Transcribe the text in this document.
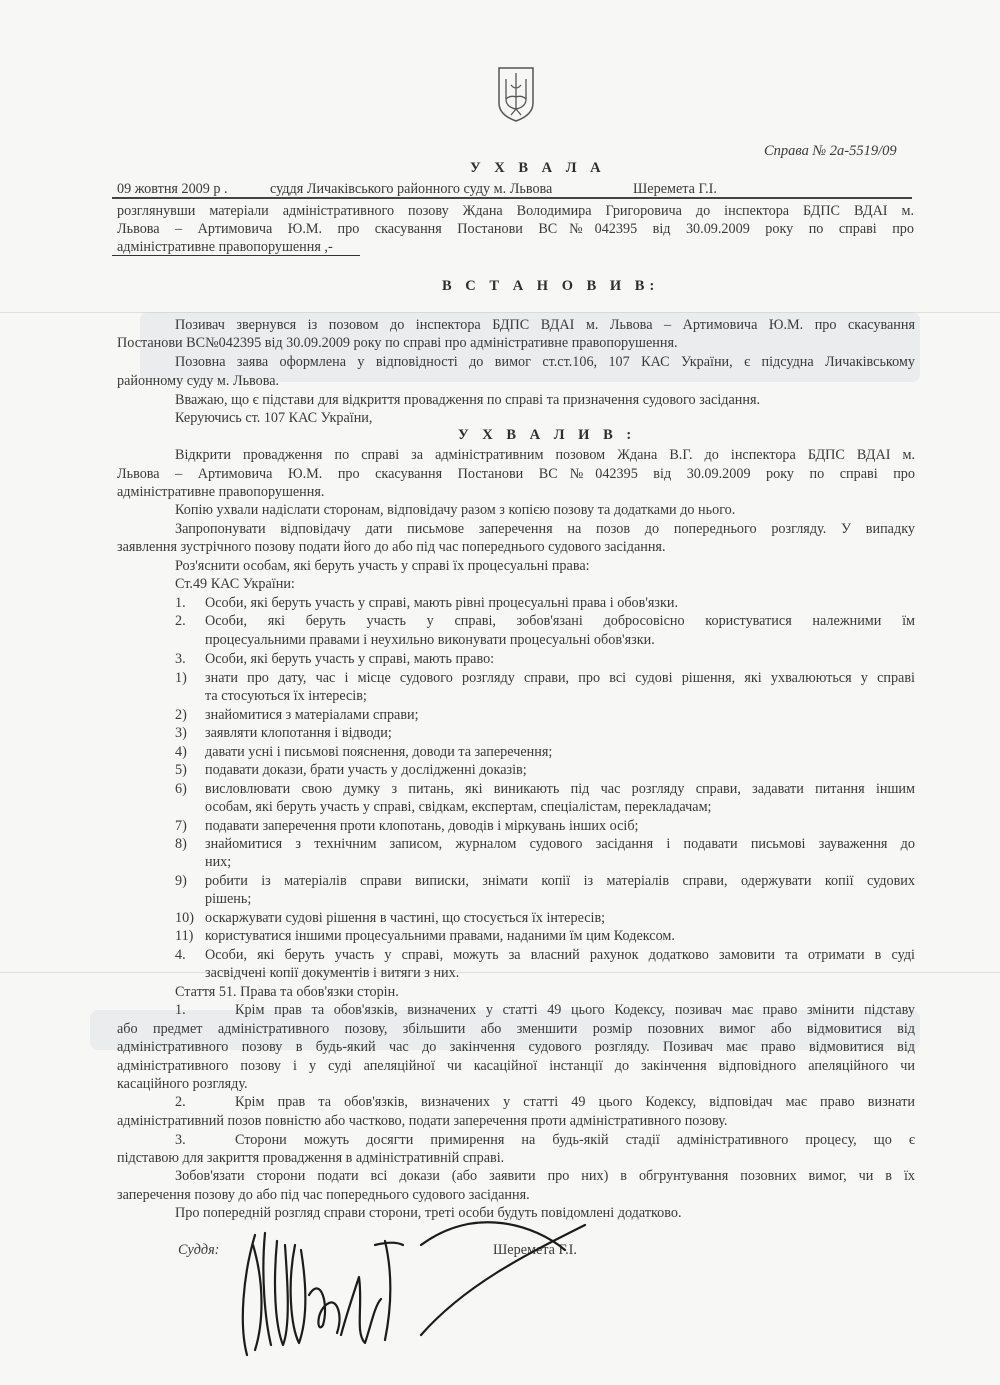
Справа № 2а-5519/09
У Х В А Л А
09 жовтня 2009 р .	суддя Личаківського районного суду м. Львова	Шеремета Г.І.
розглянувши матеріали адміністративного позову Ждана Володимира Григоровича до інспектора БДПС ВДАІ м.
Львова – Артимовича Ю.М. про скасування Постанови ВС№042395 від 30.09.2009 року по справі про
адміністративне правопорушення ,-
В С Т А Н О В И В:
Позивач звернувся із позовом до інспектора БДПС ВДАІ м. Львова – Артимовича Ю.М. про скасування
Постанови ВС№042395 від 30.09.2009 року по справі про адміністративне правопорушення.
Позовна заява оформлена у відповідності до вимог ст.ст.106, 107 КАС України, є підсудна Личаківському
районному суду м. Львова.
Вважаю, що є підстави для відкриття провадження по справі та призначення судового засідання.
Керуючись ст. 107 КАС України,
У Х В А Л И В :
Відкрити провадження по справі за адміністративним позовом Ждана В.Г. до інспектора БДПС ВДАІ м.
Львова – Артимовича Ю.М. про скасування Постанови ВС№042395 від 30.09.2009 року по справі про
адміністративне правопорушення.
Копію ухвали надіслати сторонам, відповідачу разом з копією позову та додатками до нього.
Запропонувати відповідачу дати письмове заперечення на позов до попереднього розгляду. У випадку
заявлення зустрічного позову подати його до або під час попереднього судового засідання.
Роз'яснити особам, які беруть участь у справі їх процесуальні права:
Ст.49 КАС України:
1. Особи, які беруть участь у справі, мають рівні процесуальні права і обов'язки.
2. Особи, які беруть участь у справі, зобов'язані добросовісно користуватися належними їм
процесуальними правами і неухильно виконувати процесуальні обов'язки.
3. Особи, які беруть участь у справі, мають право:
1) знати про дату, час і місце судового розгляду справи, про всі судові рішення, які ухвалюються у справі
та стосуються їх інтересів;
2) знайомитися з матеріалами справи;
3) заявляти клопотання і відводи;
4) давати усні і письмові пояснення, доводи та заперечення;
5) подавати докази, брати участь у дослідженні доказів;
6) висловлювати свою думку з питань, які виникають під час розгляду справи, задавати питання іншим
особам, які беруть участь у справі, свідкам, експертам, спеціалістам, перекладачам;
7) подавати заперечення проти клопотань, доводів і міркувань інших осіб;
8) знайомитися з технічним записом, журналом судового засідання і подавати письмові зауваження до
них;
9) робити із матеріалів справи виписки, знімати копії із матеріалів справи, одержувати копії судових
рішень;
10) оскаржувати судові рішення в частині, що стосується їх інтересів;
11) користуватися іншими процесуальними правами, наданими їм цим Кодексом.
4. Особи, які беруть участь у справі, можуть за власний рахунок додатково замовити та отримати в суді
засвідчені копії документів і витяги з них.
Стаття 51. Права та обов'язки сторін.
1.	Крім прав та обов'язків, визначених у статті 49 цього Кодексу, позивач має право змінити підставу
або предмет адміністративного позову, збільшити або зменшити розмір позовних вимог або відмовитися від
адміністративного позову в будь-який час до закінчення судового розгляду. Позивач має право відмовитися від
адміністративного позову і у суді апеляційної чи касаційної інстанції до закінчення відповідного апеляційного чи
касаційного розгляду.
2.	Крім прав та обов'язків, визначених у статті 49 цього Кодексу, відповідач має право визнати
адміністративний позов повністю або частково, подати заперечення проти адміністративного позову.
3.	Сторони можуть досягти примирення на будь-якій стадії адміністративного процесу, що є
підставою для закриття провадження в адміністративній справі.
Зобов'язати сторони подати всі докази (або заявити про них) в обгрунтування позовних вимог, чи в їх
заперечення позову до або під час попереднього судового засідання.
Про попередній розгляд справи сторони, треті особи будуть повідомлені додатково.
Суддя:	Шеремета Г.І.
